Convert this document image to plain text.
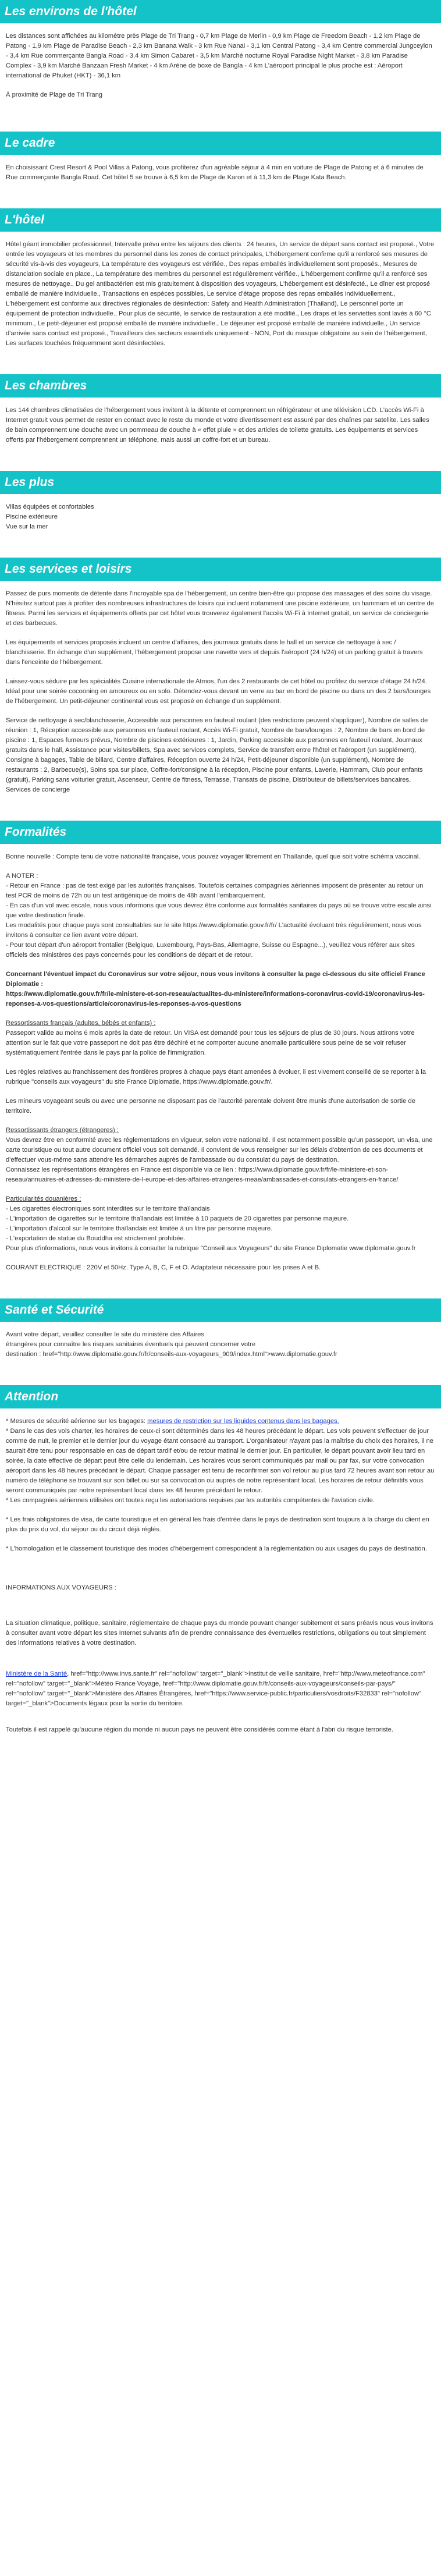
Les environs de l'hôtel

Les distances sont affichées au kilomètre près Plage de Tri Trang - 0,7 km Plage de Merlin - 0,9 km Plage de Freedom Beach - 1,2 km Plage de Patong - 1,9 km Plage de Paradise Beach - 2,3 km Banana Walk - 3 km Rue Nanai - 3,1 km Central Patong - 3,4 km Centre commercial Jungceylon - 3,4 km Rue commerçante Bangla Road - 3,4 km Simon Cabaret - 3,5 km Marché nocturne Royal Paradise Night Market - 3,8 km Paradise Complex - 3,9 km Marché Banzaan Fresh Market - 4 km Arène de boxe de Bangla - 4 km L'aéroport principal le plus proche est : Aéroport international de Phuket (HKT) - 36,1 km

À proximité de Plage de Tri Trang

Le cadre

En choisissant Crest Resort & Pool Villas à Patong, vous profiterez d'un agréable séjour à 4 min en voiture de Plage de Patong et à 6 minutes de Rue commerçante Bangla Road. Cet hôtel 5 se trouve à 6,5 km de Plage de Karon et à 11,3 km de Plage Kata Beach.

L'hôtel

Hôtel géant immobilier professionnel, Intervalle prévu entre les séjours des clients : 24 heures, Un service de départ sans contact est proposé., Votre entrée les voyageurs et les membres du personnel dans les zones de contact principales, L'hébergement confirme qu'il a renforcé ses mesures de sécurité vis-à-vis des voyageurs, La température des voyageurs est vérifiée., Des repas emballés individuellement sont proposés., Mesures de distanciation sociale en place., La température des membres du personnel est régulièrement vérifiée., L'hébergement confirme qu'il a renforcé ses mesures de nettoyage., Du gel antibactérien est mis gratuitement à disposition des voyageurs, L'hébergement est désinfecté., Le dîner est proposé emballé de manière individuelle., Transactions en espèces possibles, Le service d'étage propose des repas emballés individuellement., L'hébergement est conforme aux directives régionales de désinfection: Safety and Health Administration (Thailand), Le personnel porte un équipement de protection individuelle., Pour plus de sécurité, le service de restauration a été modifié., Les draps et les serviettes sont lavés à 60 °C minimum., Le petit-déjeuner est proposé emballé de manière individuelle., Le déjeuner est proposé emballé de manière individuelle., Un service d'arrivée sans contact est proposé., Travailleurs des secteurs essentiels uniquement - NON, Port du masque obligatoire au sein de l'hébergement, Les surfaces touchées fréquemment sont désinfectées.

Les chambres

Les 144 chambres climatisées de l'hébergement vous invitent à la détente et comprennent un réfrigérateur et une télévision LCD. L'accès Wi-Fi à Internet gratuit vous permet de rester en contact avec le reste du monde et votre divertissement est assuré par des chaînes par satellite. Les salles de bain comprennent une douche avec un pommeau de douche à « effet pluie » et des articles de toilette gratuits. Les équipements et services offerts par l'hébergement comprennent un téléphone, mais aussi un coffre-fort et un bureau.

Les plus
Villas équipées et confortables
Piscine extérieure
Vue sur la mer
Les services et loisirs

Passez de purs moments de détente dans l'incroyable spa de l'hébergement, un centre bien-être qui propose des massages et des soins du visage. N'hésitez surtout pas à profiter des nombreuses infrastructures de loisirs qui incluent notamment une piscine extérieure, un hammam et un centre de fitness. Parmi les services et équipements offerts par cet hôtel vous trouverez également l'accès Wi-Fi à Internet gratuit, un service de conciergerie et des barbecues.

Les équipements et services proposés incluent un centre d'affaires, des journaux gratuits dans le hall et un service de nettoyage à sec / blanchisserie. En échange d'un supplément, l'hébergement propose une navette vers et depuis l'aéroport (24 h/24) et un parking gratuit à travers dans l'enceinte de l'hébergement.

Laissez-vous séduire par les spécialités Cuisine internationale de Atmos, l'un des 2 restaurants de cet hôtel ou profitez du service d'étage 24 h/24. Idéal pour une soirée cocooning en amoureux ou en solo. Détendez-vous devant un verre au bar en bord de piscine ou dans un des 2 bars/lounges de l'hébergement. Un petit-déjeuner continental vous est proposé en échange d'un supplément.

Service de nettoyage à sec/blanchisserie, Accessible aux personnes en fauteuil roulant (des restrictions peuvent s'appliquer), Nombre de salles de réunion : 1, Réception accessible aux personnes en fauteuil roulant, Accès Wi-Fi gratuit, Nombre de bars/lounges : 2, Nombre de bars en bord de piscine : 1, Espaces fumeurs prévus, Nombre de piscines extérieures : 1, Jardin, Parking accessible aux personnes en fauteuil roulant, Journaux gratuits dans le hall, Assistance pour visites/billets, Spa avec services complets, Service de transfert entre l'hôtel et l'aéroport (un supplément), Consigne à bagages, Table de billard, Centre d'affaires, Réception ouverte 24 h/24, Petit-déjeuner disponible (un supplément), Nombre de restaurants : 2, Barbecue(s), Soins spa sur place, Coffre-fort/consigne à la réception, Piscine pour enfants, Laverie, Hammam, Club pour enfants (gratuit), Parking sans voiturier gratuit, Ascenseur, Centre de fitness, Terrasse, Transats de piscine, Distributeur de billets/services bancaires, Services de concierge

Formalités

Bonne nouvelle : Compte tenu de votre nationalité française, vous pouvez voyager librement en Thaïlande, quel que soit votre schéma vaccinal.

A NOTER :
- Retour en France : pas de test exigé par les autorités françaises. Toutefois certaines compagnies aériennes imposent de présenter au retour un test PCR de moins de 72h ou un test antigénique de moins de 48h avant l'embarquement.
- En cas d'un vol avec escale, nous vous informons que vous devrez être conforme aux formalités sanitaires du pays où se trouve votre escale ainsi que votre destination finale.
Les modalités pour chaque pays sont consultables sur le site https://www.diplomatie.gouv.fr/fr/ L'actualité évoluant très régulièrement, nous vous invitons à consulter ce lien avant votre départ.
- Pour tout départ d'un aéroport frontalier (Belgique, Luxembourg, Pays-Bas, Allemagne, Suisse ou Espagne...), veuillez vous référer aux sites officiels des ministères des pays concernés pour les conditions de départ et de retour.

Concernant l'éventuel impact du Coronavirus sur votre séjour, nous vous invitons à consulter la page ci-dessous du site officiel France Diplomatie :
https://www.diplomatie.gouv.fr/fr/le-ministere-et-son-reseau/actualites-du-ministere/informations-coronavirus-covid-19/coronavirus-les-reponses-a-vos-questions/article/coronavirus-les-reponses-a-vos-questions

Ressortissants français (adultes, bébés et enfants) :
Passeport valide au moins 6 mois après la date de retour. Un VISA est demandé pour tous les séjours de plus de 30 jours. Nous attirons votre attention sur le fait que votre passeport ne doit pas être déchiré et ne comporter aucune anomalie particulière sous peine de se voir refuser systématiquement l'entrée dans le pays par la police de l'immigration.

Les règles relatives au franchissement des frontières propres à chaque pays étant amenées à évoluer, il est vivement conseillé de se reporter à la rubrique "conseils aux voyageurs" du site France Diplomatie, https://www.diplomatie.gouv.fr/.

Les mineurs voyageant seuls ou avec une personne ne disposant pas de l'autorité parentale doivent être munis d'une autorisation de sortie de territoire.

Ressortissants étrangers (étrangeres) :
Vous devrez être en conformité avec les réglementations en vigueur, selon votre nationalité. Il est notamment possible qu'un passeport, un visa, une carte touristique ou tout autre document officiel vous soit demandé. Il convient de vous renseigner sur les délais d'obtention de ces documents et d'effectuer vous-même sans attendre les démarches auprès de l'ambassade ou du consulat du pays de destination.
Connaissez les représentations étrangères en France est disponible via ce lien : https://www.diplomatie.gouv.fr/fr/le-ministere-et-son-reseau/annuaires-et-adresses-du-ministere-de-l-europe-et-des-affaires-etrangeres-meae/ambassades-et-consulats-etrangers-en-france/

Particularités douanières :
- Les cigarettes électroniques sont interdites sur le territoire thaïlandais
- L'importation de cigarettes sur le territoire thaïlandais est limitée à 10 paquets de 20 cigarettes par personne majeure.
- L'importation d'alcool sur le territoire thaïlandais est limitée à un litre par personne majeure.
- L'exportation de statue du Bouddha est strictement prohibée.
Pour plus d'informations, nous vous invitons à consulter la rubrique "Conseil aux Voyageurs" du site France Diplomatie www.diplomatie.gouv.fr

COURANT ELECTRIQUE : 220V et 50Hz. Type A, B, C, F et O. Adaptateur nécessaire pour les prises A et B.

Santé et Sécurité
Avant votre départ, veuillez consulter le site du ministère des Affaires
étrangères pour connaître les risques sanitaires éventuels qui peuvent concerner votre
destination : href="http://www.diplomatie.gouv.fr/fr/conseils-aux-voyageurs_909/index.html">www.diplomatie.gouv.fr
Attention

* Mesures de sécurité aérienne sur les bagages: mesures de restriction sur les liquides contenus dans les bagages.
* Dans le cas des vols charter, les horaires de ceux-ci sont déterminés dans les 48 heures précédant le départ. Les vols peuvent s'effectuer de jour comme de nuit, le premier et le dernier jour du voyage étant consacré au transport. L'organisateur n'ayant pas la maîtrise du choix des horaires, il ne saurait être tenu pour responsable en cas de départ tardif et/ou de retour matinal le dernier jour. En particulier, le départ pouvant avoir lieu tard en soirée, la date effective de départ peut être celle du lendemain. Les horaires vous seront communiqués par mail ou par fax, sur votre convocation aéroport dans les 48 heures précédant le départ. Chaque passager est tenu de reconfirmer son vol retour au plus tard 72 heures avant son retour au numéro de téléphone se trouvant sur son billet ou sur sa convocation ou auprès de notre représentant local. Les horaires de retour définitifs vous seront communiqués par notre représentant local dans les 48 heures précédant le retour.
* Les compagnies aériennes utilisées ont toutes reçu les autorisations requises par les autorités compétentes de l'aviation civile.

* Les frais obligatoires de visa, de carte touristique et en général les frais d'entrée dans le pays de destination sont toujours à la charge du client en plus du prix du vol, du séjour ou du circuit déjà réglés.

* L'homologation et le classement touristique des modes d'hébergement correspondent à la réglementation ou aux usages du pays de destination.

INFORMATIONS AUX VOYAGEURS :

La situation climatique, politique, sanitaire, réglementaire de chaque pays du monde pouvant changer subitement et sans préavis nous vous invitons à consulter avant votre départ les sites Internet suivants afin de prendre connaissance des éventuelles restrictions, obligations ou tout simplement des informations relatives à votre destination.

Ministère de la Santé, href="http://www.invs.sante.fr" rel="nofollow" target="_blank">Institut de veille sanitaire, href="http://www.meteofrance.com" rel="nofollow" target="_blank">Météo France Voyage, href="http://www.diplomatie.gouv.fr/fr/conseils-aux-voyageurs/conseils-par-pays/" rel="nofollow" target="_blank">Ministère des Affaires Étrangères, href="https://www.service-public.fr/particuliers/vosdroits/F32833" rel="nofollow" target="_blank">Documents légaux pour la sortie du territoire.

Toutefois il est rappelé qu'aucune région du monde ni aucun pays ne peuvent être considérés comme étant à l'abri du risque terroriste.
